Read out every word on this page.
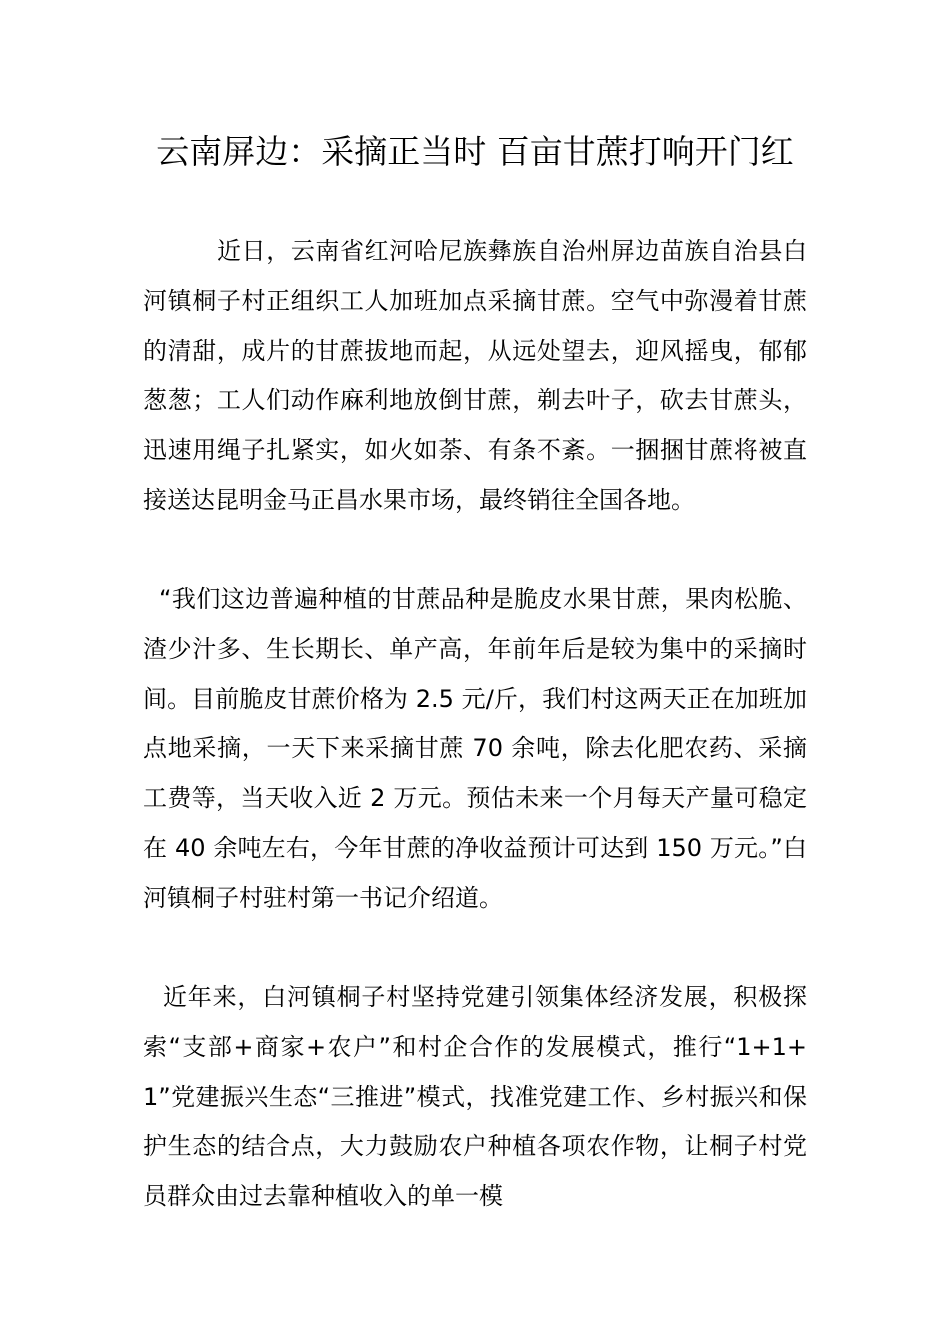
云南屏边：采摘正当时 百亩甘蔗打响开门红

近日，云南省红河哈尼族彝族自治州屏边苗族自治县白河镇桐子村正组织工人加班加点采摘甘蔗。空气中弥漫着甘蔗的清甜，成片的甘蔗拔地而起，从远处望去，迎风摇曳，郁郁葱葱；工人们动作麻利地放倒甘蔗，剃去叶子，砍去甘蔗头，迅速用绳子扎紧实，如火如荼、有条不紊。一捆捆甘蔗将被直接送达昆明金马正昌水果市场，最终销往全国各地。

“我们这边普遍种植的甘蔗品种是脆皮水果甘蔗，果肉松脆、渣少汁多、生长期长、单产高，年前年后是较为集中的采摘时间。目前脆皮甘蔗价格为 2.5 元/斤，我们村这两天正在加班加点地采摘，一天下来采摘甘蔗 70 余吨，除去化肥农药、采摘工费等，当天收入近 2 万元。预估未来一个月每天产量可稳定在 40 余吨左右，今年甘蔗的净收益预计可达到 150 万元。”白河镇桐子村驻村第一书记介绍道。

近年来，白河镇桐子村坚持党建引领集体经济发展，积极探索“支部+商家+农户”和村企合作的发展模式，推行“1+1+1”党建振兴生态“三推进”模式，找准党建工作、乡村振兴和保护生态的结合点，大力鼓励农户种植各项农作物，让桐子村党员群众由过去靠种植收入的单一模
